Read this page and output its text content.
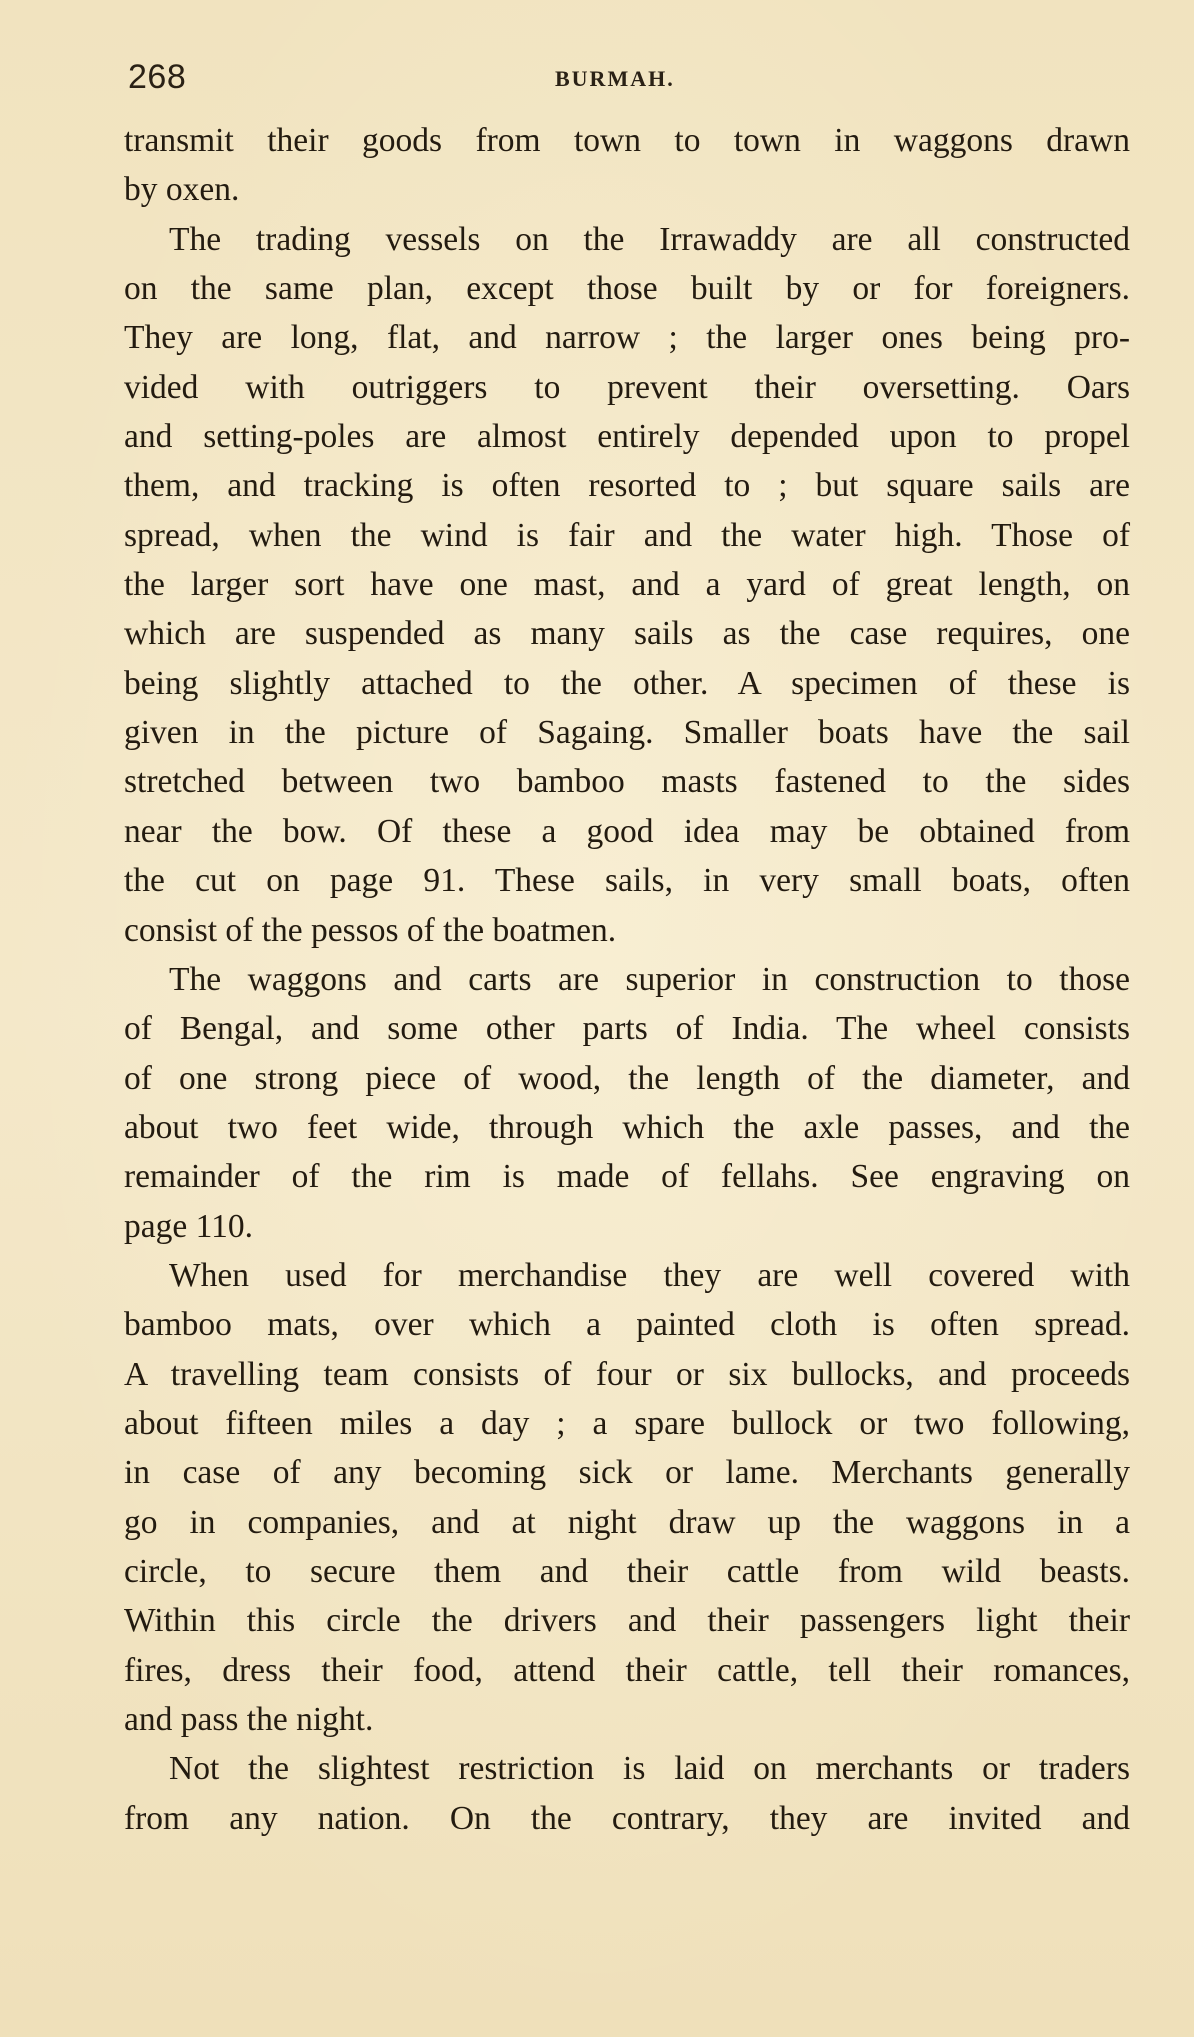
268	BURMAH.
transmit their goods from town to town in waggons drawn
by oxen.
The trading vessels on the Irrawaddy are all constructed
on the same plan, except those built by or for foreigners.
They are long, flat, and narrow ; the larger ones being pro-
vided with outriggers to prevent their oversetting. Oars
and setting-poles are almost entirely depended upon to propel
them, and tracking is often resorted to ; but square sails are
spread, when the wind is fair and the water high. Those of
the larger sort have one mast, and a yard of great length, on
which are suspended as many sails as the case requires, one
being slightly attached to the other. A specimen of these is
given in the picture of Sagaing. Smaller boats have the sail
stretched between two bamboo masts fastened to the sides
near the bow. Of these a good idea may be obtained from
the cut on page 91. These sails, in very small boats, often
consist of the pessos of the boatmen.
The waggons and carts are superior in construction to those
of Bengal, and some other parts of India. The wheel consists
of one strong piece of wood, the length of the diameter, and
about two feet wide, through which the axle passes, and the
remainder of the rim is made of fellahs. See engraving on
page 110.
When used for merchandise they are well covered with
bamboo mats, over which a painted cloth is often spread.
A travelling team consists of four or six bullocks, and proceeds
about fifteen miles a day ; a spare bullock or two following,
in case of any becoming sick or lame. Merchants generally
go in companies, and at night draw up the waggons in a
circle, to secure them and their cattle from wild beasts.
Within this circle the drivers and their passengers light their
fires, dress their food, attend their cattle, tell their romances,
and pass the night.
Not the slightest restriction is laid on merchants or traders
from any nation. On the contrary, they are invited and
